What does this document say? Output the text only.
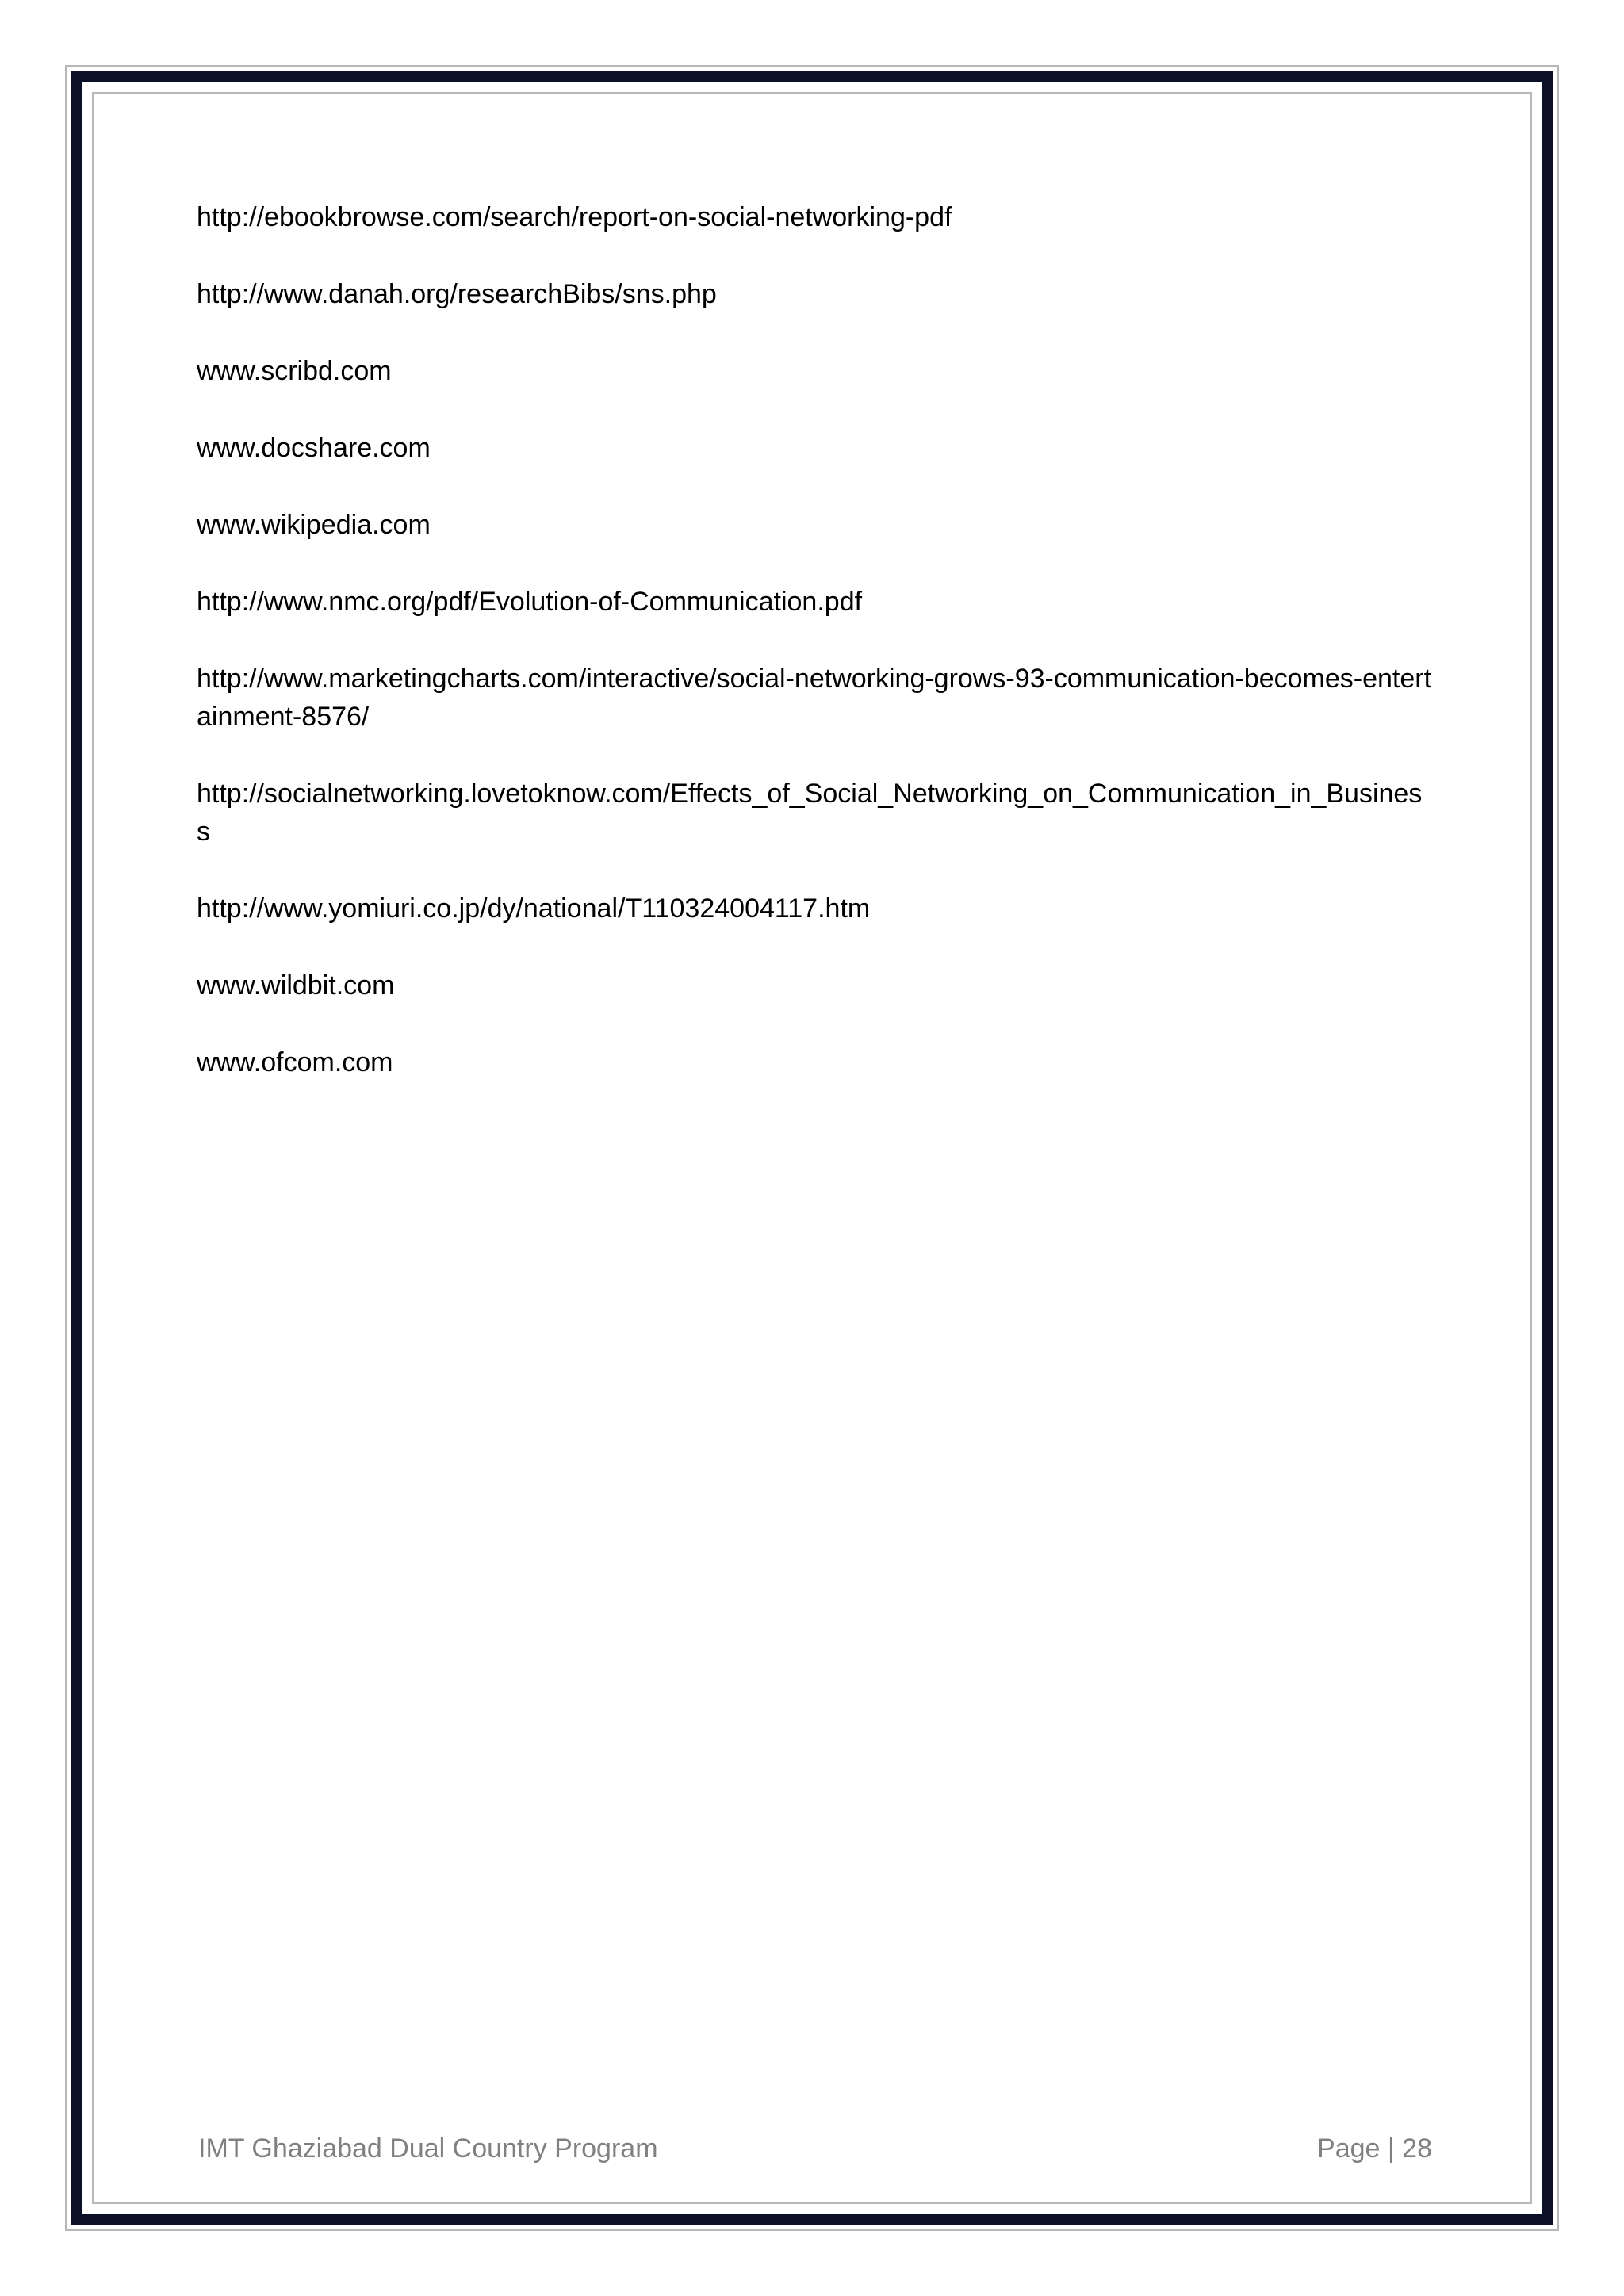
http://ebookbrowse.com/search/report-on-social-networking-pdf
http://www.danah.org/researchBibs/sns.php
www.scribd.com
www.docshare.com
www.wikipedia.com
http://www.nmc.org/pdf/Evolution-of-Communication.pdf
http://www.marketingcharts.com/interactive/social-networking-grows-93-communication-becomes-entertainment-8576/
http://socialnetworking.lovetoknow.com/Effects_of_Social_Networking_on_Communication_in_Business
http://www.yomiuri.co.jp/dy/national/T110324004117.htm
www.wildbit.com
www.ofcom.com
IMT Ghaziabad Dual Country Program	Page | 28
